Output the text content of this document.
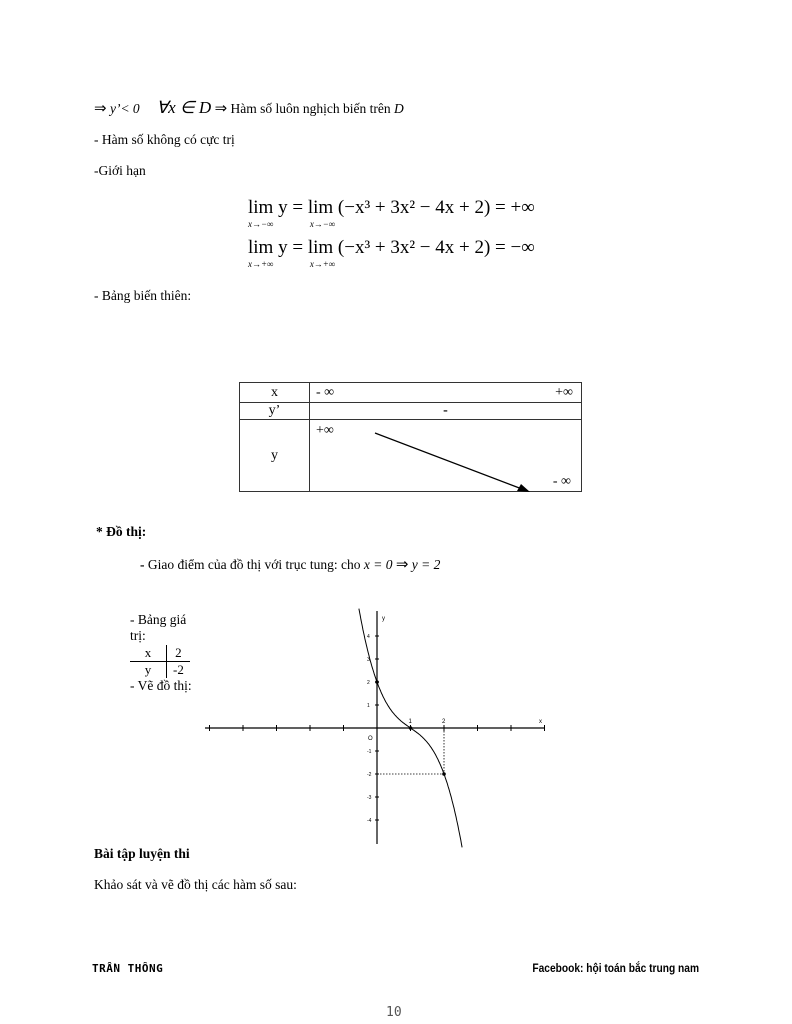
⇒ y’< 0 ∀x ∈ D ⇒ Hàm số luôn nghịch biến trên D
- Hàm số không có cực trị
-Giới hạn
lim y
x→−∞
= lim (−x³ + 3x² − 4x + 2) = +∞
x→−∞
lim y
x→+∞
= lim (−x³ + 3x² − 4x + 2) = −∞
x→+∞
- Bảng biến thiên:
x	- ∞ +∞

y’	-
y	+∞
- ∞
* Đồ thị:
- Giao điểm của đồ thị với trục tung: cho x = 0 ⇒ y = 2
- Bảng giá trị:
x	2
y	-2
- Vẽ đồ thị:
1	2
4
3
2
1
-1
-2
-3
-4
x
y
O
Bài tập luyện thi
Khảo sát và vẽ đồ thị các hàm số sau:
TRẦN THÔNG	Facebook: hội toán bắc trung nam
10
